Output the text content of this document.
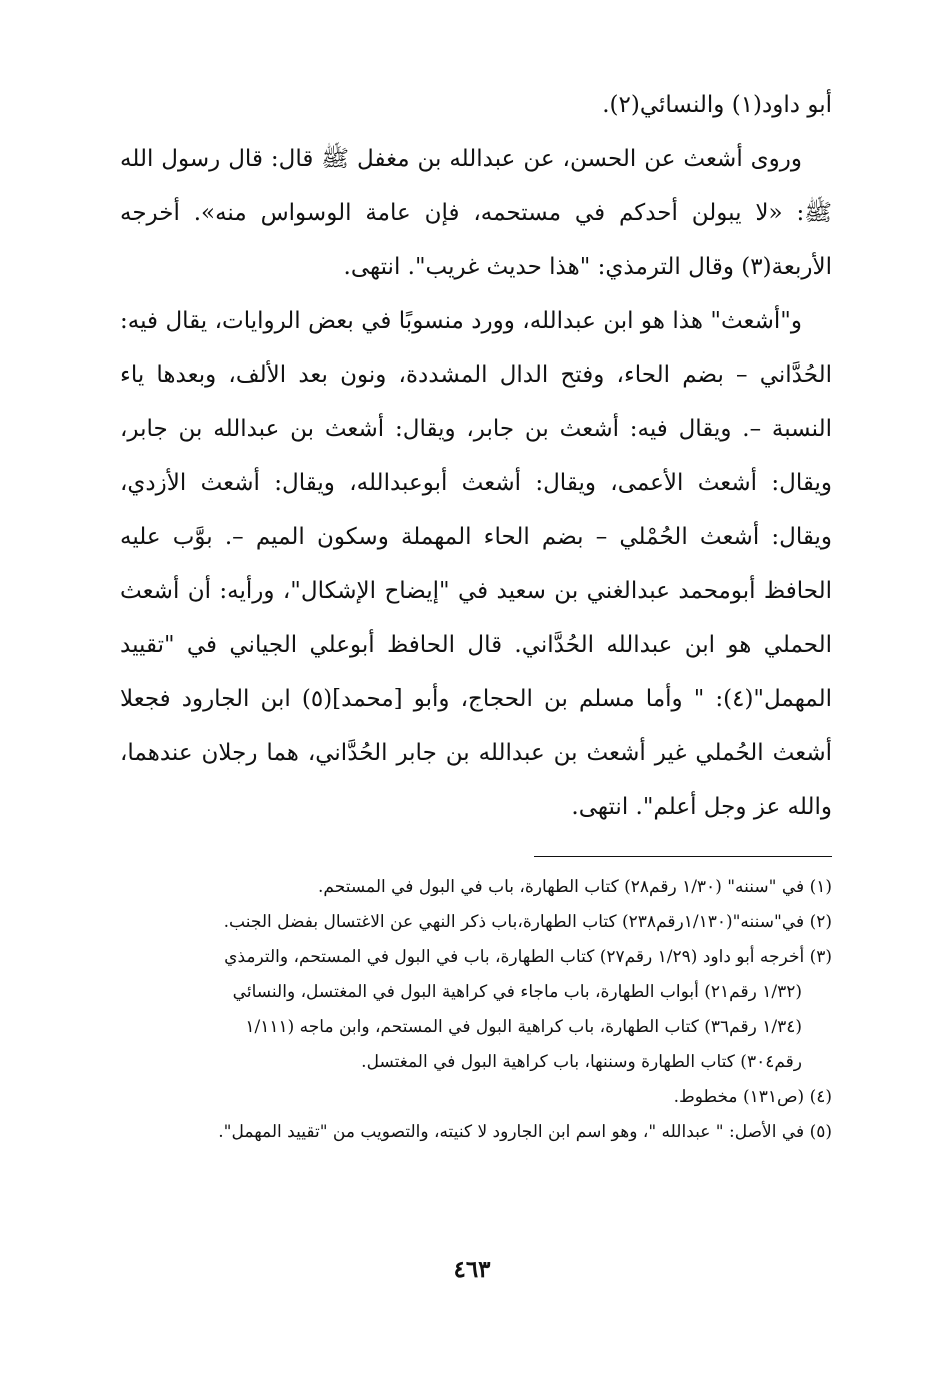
أبو داود(١) والنسائي(٢).

وروى أشعث عن الحسن، عن عبدالله بن مغفل ﷺ قال: قال رسول الله ﷺ: «لا يبولن أحدكم في مستحمه، فإن عامة الوسواس منه». أخرجه الأربعة(٣) وقال الترمذي: "هذا حديث غريب". انتهى.

و"أشعث" هذا هو ابن عبدالله، وورد منسوبًا في بعض الروايات، يقال فيه: الحُدَّاني – بضم الحاء، وفتح الدال المشددة، ونون بعد الألف، وبعدها ياء النسبة –. ويقال فيه: أشعث بن جابر، ويقال: أشعث بن عبدالله بن جابر، ويقال: أشعث الأعمى، ويقال: أشعث أبوعبدالله، ويقال: أشعث الأزدي، ويقال: أشعث الحُمْلي – بضم الحاء المهملة وسكون الميم –. بوَّب عليه الحافظ أبومحمد عبدالغني بن سعيد في "إيضاح الإشكال"، ورأيه: أن أشعث الحملي هو ابن عبدالله الحُدَّاني. قال الحافظ أبوعلي الجياني في "تقييد المهمل"(٤): " وأما مسلم بن الحجاج، وأبو [محمد](٥) ابن الجارود فجعلا أشعث الحُملي غير أشعث بن عبدالله بن جابر الحُدَّاني، هما رجلان عندهما، والله عز وجل أعلم". انتهى.

(١) في "سننه" (١/٣٠ رقم٢٨) كتاب الطهارة، باب في البول في المستحم.

(٢) في"سننه"(١/١٣٠رقم٢٣٨) كتاب الطهارة،باب ذكر النهي عن الاغتسال بفضل الجنب.

(٣) أخرجه أبو داود (١/٢٩ رقم٢٧) كتاب الطهارة، باب في البول في المستحم، والترمذي

(١/٣٢ رقم٢١) أبواب الطهارة، باب ماجاء في كراهية البول في المغتسل، والنسائي

(١/٣٤ رقم٣٦) كتاب الطهارة، باب كراهية البول في المستحم، وابن ماجه (١/١١١

رقم٣٠٤) كتاب الطهارة وسننها، باب كراهية البول في المغتسل.

(٤) (ص١٣١) مخطوط.

(٥) في الأصل: " عبدالله "، وهو اسم ابن الجارود لا كنيته، والتصويب من "تقييد المهمل".

٤٦٣
